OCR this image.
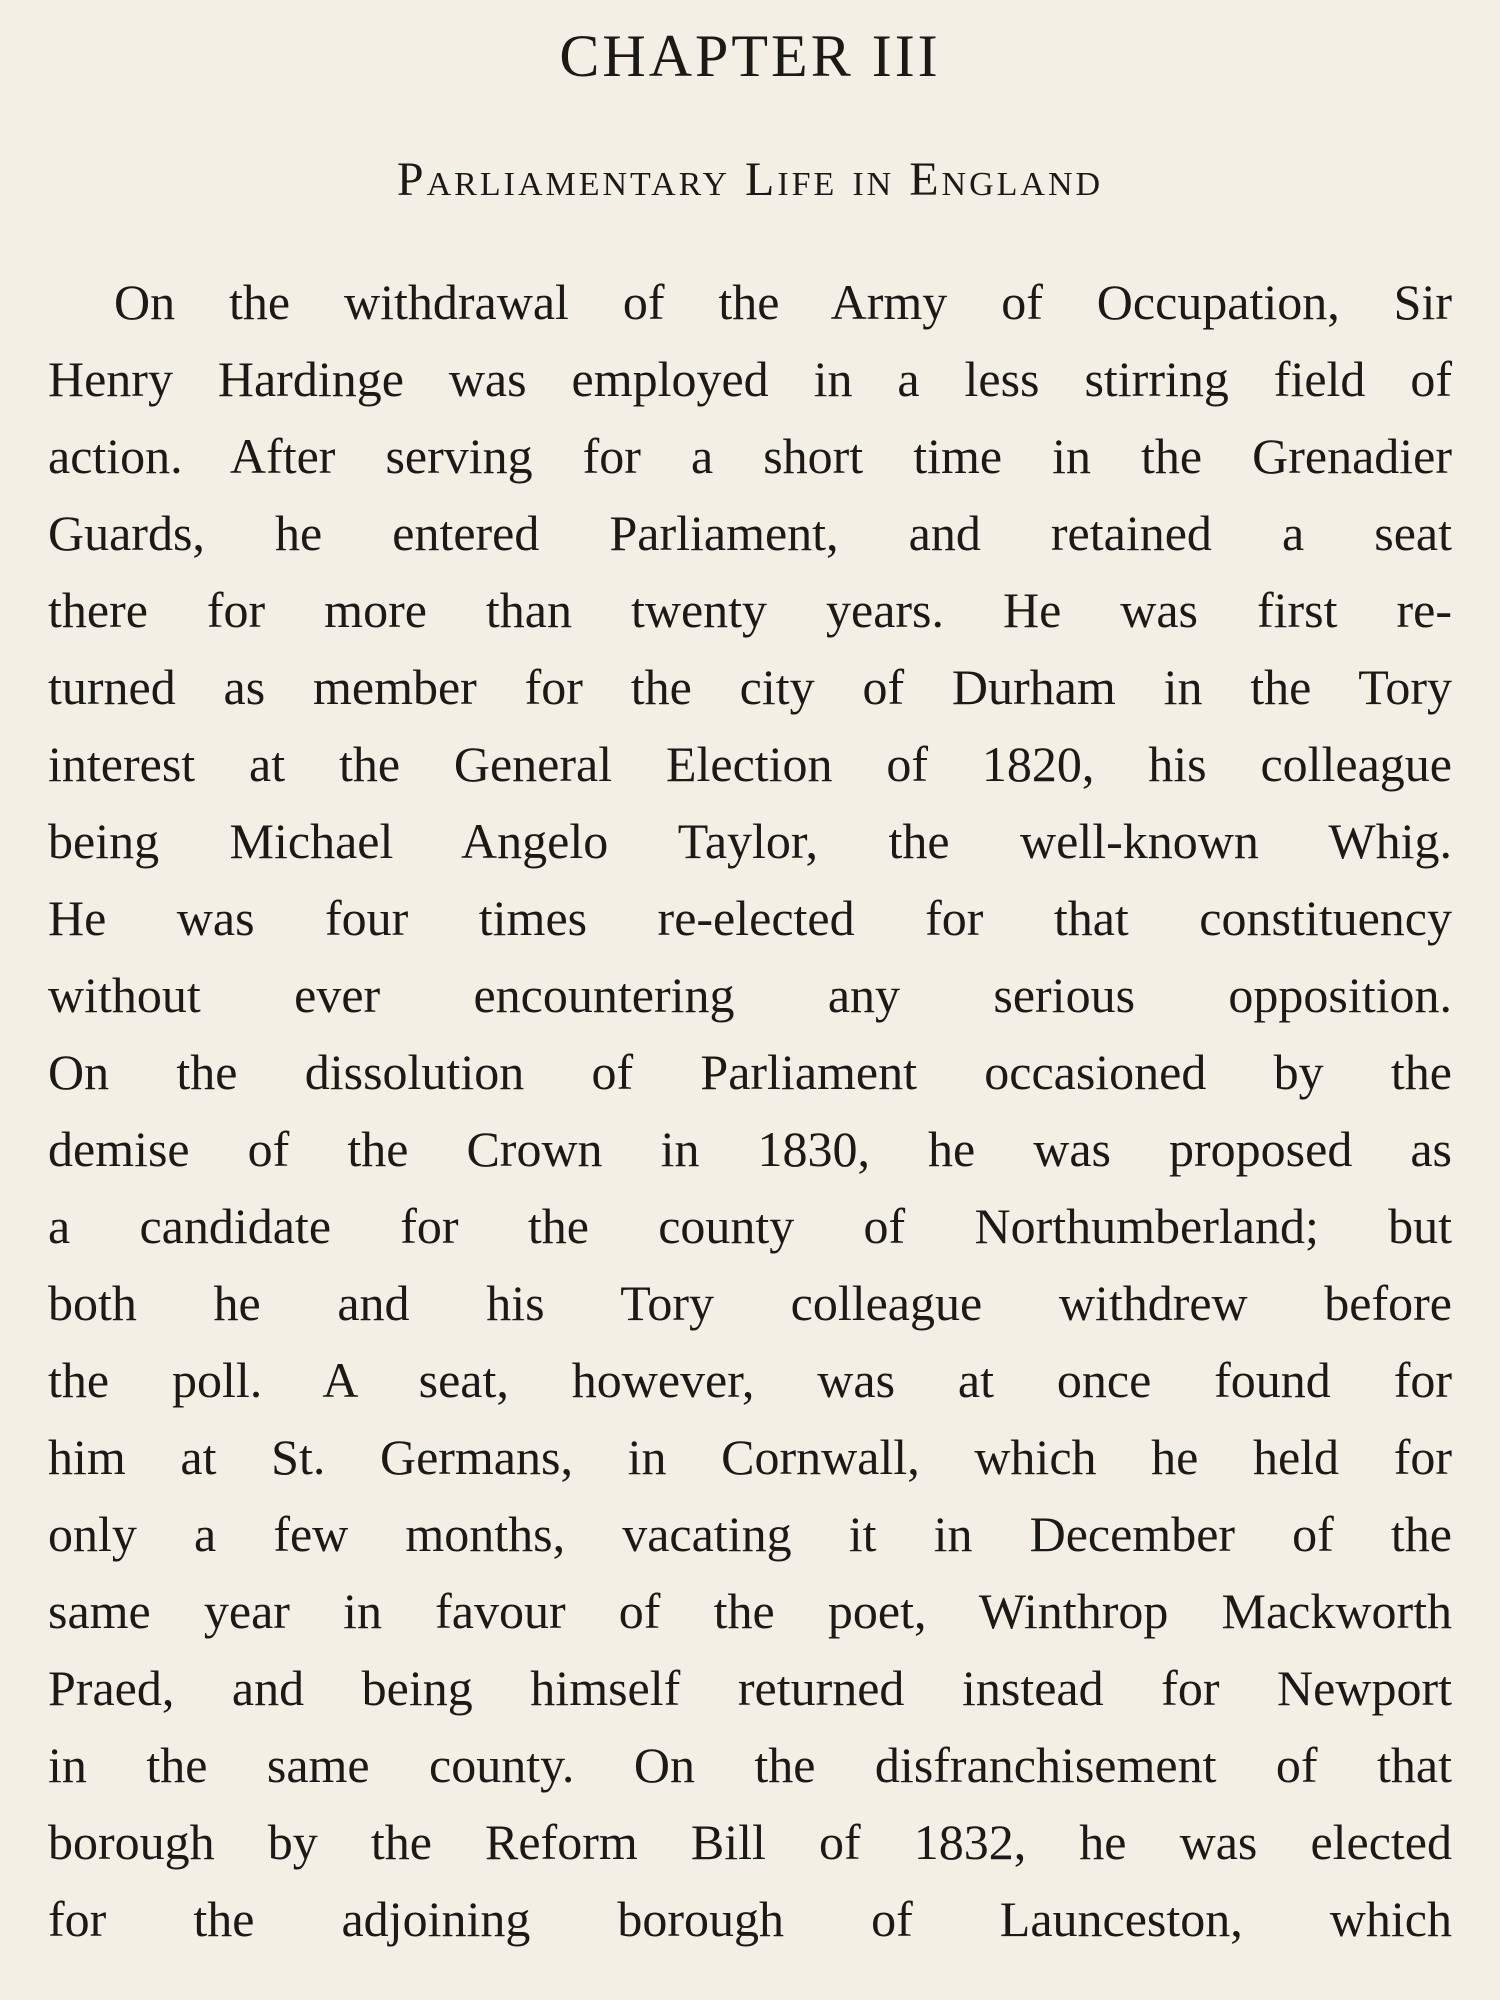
CHAPTER III
Parliamentary Life in England
On the withdrawal of the Army of Occupation, Sir
Henry Hardinge was employed in a less stirring field of
action. After serving for a short time in the Grenadier
Guards, he entered Parliament, and retained a seat
there for more than twenty years. He was first re-
turned as member for the city of Durham in the Tory
interest at the General Election of 1820, his colleague
being Michael Angelo Taylor, the well-known Whig.
He was four times re-elected for that constituency
without ever encountering any serious opposition.
On the dissolution of Parliament occasioned by the
demise of the Crown in 1830, he was proposed as
a candidate for the county of Northumberland; but
both he and his Tory colleague withdrew before
the poll. A seat, however, was at once found for
him at St. Germans, in Cornwall, which he held for
only a few months, vacating it in December of the
same year in favour of the poet, Winthrop Mackworth
Praed, and being himself returned instead for Newport
in the same county. On the disfranchisement of that
borough by the Reform Bill of 1832, he was elected
for the adjoining borough of Launceston, which
